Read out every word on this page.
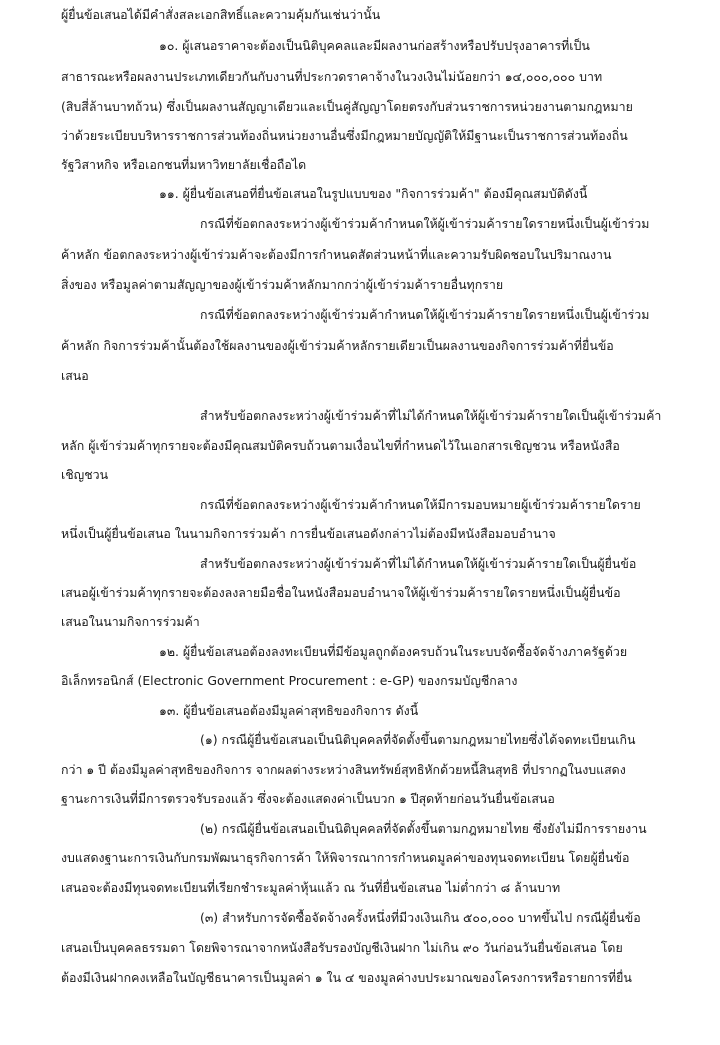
ผู้ยื่นข้อเสนอได้มีคำสั่งสละเอกสิทธิ์และความคุ้มกันเช่นว่านั้น
๑๐. ผู้เสนอราคาจะต้องเป็นนิติบุคคลและมีผลงานก่อสร้างหรือปรับปรุงอาคารที่เป็น
สาธารณะหรือผลงานประเภทเดียวกันกับงานที่ประกวดราคาจ้างในวงเงินไม่น้อยกว่า ๑๔,๐๐๐,๐๐๐ บาท
(สิบสี่ล้านบาทถ้วน) ซึ่งเป็นผลงานสัญญาเดียวและเป็นคู่สัญญาโดยตรงกับส่วนราชการหน่วยงานตามกฎหมาย
ว่าด้วยระเบียบบริหารราชการส่วนท้องถิ่นหน่วยงานอื่นซึ่งมีกฎหมายบัญญัติให้มีฐานะเป็นราชการส่วนท้องถิ่น
รัฐวิสาหกิจ หรือเอกชนที่มหาวิทยาลัยเชื่อถือได
๑๑. ผู้ยื่นข้อเสนอที่ยื่นข้อเสนอในรูปแบบของ "กิจการร่วมค้า" ต้องมีคุณสมบัติดังนี้
กรณีที่ข้อตกลงระหว่างผู้เข้าร่วมค้ากำหนดให้ผู้เข้าร่วมค้ารายใดรายหนึ่งเป็นผู้เข้าร่วม
ค้าหลัก ข้อตกลงระหว่างผู้เข้าร่วมค้าจะต้องมีการกำหนดสัดส่วนหน้าที่และความรับผิดชอบในปริมาณงาน
สิ่งของ หรือมูลค่าตามสัญญาของผู้เข้าร่วมค้าหลักมากกว่าผู้เข้าร่วมค้ารายอื่นทุกราย
กรณีที่ข้อตกลงระหว่างผู้เข้าร่วมค้ากำหนดให้ผู้เข้าร่วมค้ารายใดรายหนึ่งเป็นผู้เข้าร่วม
ค้าหลัก กิจการร่วมค้านั้นต้องใช้ผลงานของผู้เข้าร่วมค้าหลักรายเดียวเป็นผลงานของกิจการร่วมค้าที่ยื่นข้อ
เสนอ
สำหรับข้อตกลงระหว่างผู้เข้าร่วมค้าที่ไม่ได้กำหนดให้ผู้เข้าร่วมค้ารายใดเป็นผู้เข้าร่วมค้า
หลัก ผู้เข้าร่วมค้าทุกรายจะต้องมีคุณสมบัติครบถ้วนตามเงื่อนไขที่กำหนดไว้ในเอกสารเชิญชวน หรือหนังสือ
เชิญชวน
กรณีที่ข้อตกลงระหว่างผู้เข้าร่วมค้ากำหนดให้มีการมอบหมายผู้เข้าร่วมค้ารายใดราย
หนึ่งเป็นผู้ยื่นข้อเสนอ ในนามกิจการร่วมค้า การยื่นข้อเสนอดังกล่าวไม่ต้องมีหนังสือมอบอำนาจ
สำหรับข้อตกลงระหว่างผู้เข้าร่วมค้าที่ไม่ได้กำหนดให้ผู้เข้าร่วมค้ารายใดเป็นผู้ยื่นข้อ
เสนอผู้เข้าร่วมค้าทุกรายจะต้องลงลายมือชื่อในหนังสือมอบอำนาจให้ผู้เข้าร่วมค้ารายใดรายหนึ่งเป็นผู้ยื่นข้อ
เสนอในนามกิจการร่วมค้า
๑๒. ผู้ยื่นข้อเสนอต้องลงทะเบียนที่มีข้อมูลถูกต้องครบถ้วนในระบบจัดซื้อจัดจ้างภาครัฐด้วย
อิเล็กทรอนิกส์ (Electronic Government Procurement : e-GP) ของกรมบัญชีกลาง
๑๓. ผู้ยื่นข้อเสนอต้องมีมูลค่าสุทธิของกิจการ ดังนี้
(๑) กรณีผู้ยื่นข้อเสนอเป็นนิติบุคคลที่จัดตั้งขึ้นตามกฎหมายไทยซึ่งได้จดทะเบียนเกิน
กว่า ๑ ปี ต้องมีมูลค่าสุทธิของกิจการ จากผลต่างระหว่างสินทรัพย์สุทธิหักด้วยหนี้สินสุทธิ ที่ปรากฏในงบแสดง
ฐานะการเงินที่มีการตรวจรับรองแล้ว ซึ่งจะต้องแสดงค่าเป็นบวก ๑ ปีสุดท้ายก่อนวันยื่นข้อเสนอ
(๒) กรณีผู้ยื่นข้อเสนอเป็นนิติบุคคลที่จัดตั้งขึ้นตามกฎหมายไทย ซึ่งยังไม่มีการรายงาน
งบแสดงฐานะการเงินกับกรมพัฒนาธุรกิจการค้า ให้พิจารณาการกำหนดมูลค่าของทุนจดทะเบียน โดยผู้ยื่นข้อ
เสนอจะต้องมีทุนจดทะเบียนที่เรียกชำระมูลค่าหุ้นแล้ว ณ วันที่ยื่นข้อเสนอ ไม่ต่ำกว่า ๘ ล้านบาท
(๓) สำหรับการจัดซื้อจัดจ้างครั้งหนึ่งที่มีวงเงินเกิน ๕๐๐,๐๐๐ บาทขึ้นไป กรณีผู้ยื่นข้อ
เสนอเป็นบุคคลธรรมดา โดยพิจารณาจากหนังสือรับรองบัญชีเงินฝาก ไม่เกิน ๙๐ วันก่อนวันยื่นข้อเสนอ โดย
ต้องมีเงินฝากคงเหลือในบัญชีธนาคารเป็นมูลค่า ๑ ใน ๔ ของมูลค่างบประมาณของโครงการหรือรายการที่ยื่น
